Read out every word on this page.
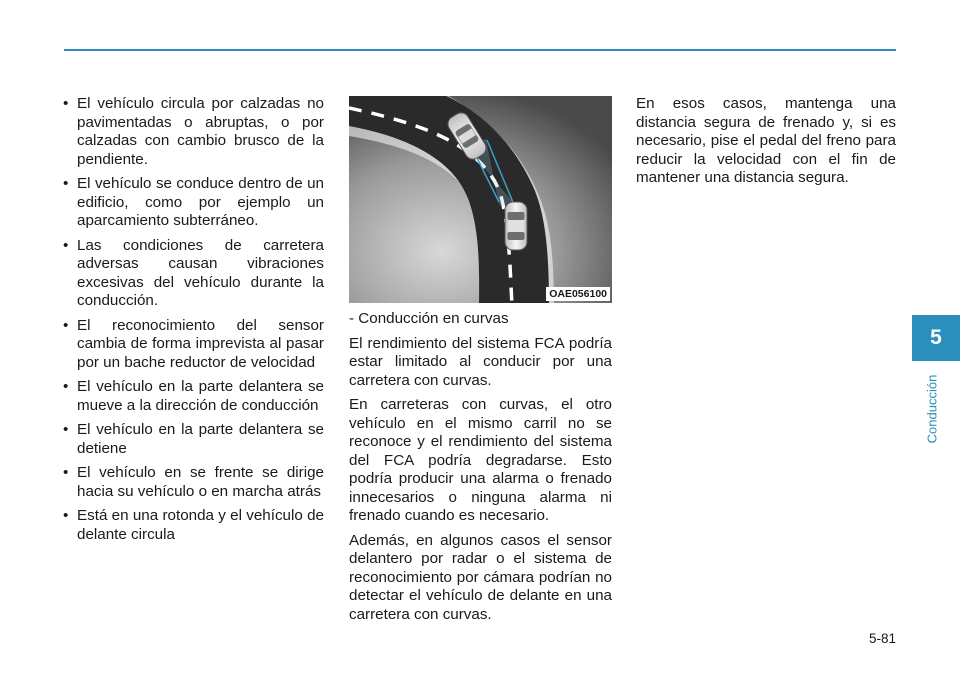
• El vehículo circula por calzadas no pavimentadas o abruptas, o por calzadas con cambio brusco de la pendiente.
• El vehículo se conduce dentro de un edificio, como por ejemplo un aparcamiento subterráneo.
• Las condiciones de carretera adversas causan vibraciones excesivas del vehículo durante la conducción.
• El reconocimiento del sensor cambia de forma imprevista al pasar por un bache reductor de velocidad
• El vehículo en la parte delantera se mueve a la dirección de conducción
• El vehículo en la parte delantera se detiene
• El vehículo en se frente se dirige hacia su vehículo o en marcha atrás
• Está en una rotonda y el vehículo de delante circula
OAE056100

- Conducción en curvas

El rendimiento del sistema FCA podría estar limitado al conducir por una carretera con curvas.

En carreteras con curvas, el otro vehículo en el mismo carril no se reconoce y el rendimiento del sistema del FCA podría degradarse. Esto podría producir una alarma o frenado innecesarios o ninguna alarma ni frenado cuando es necesario.

Además, en algunos casos el sensor delantero por radar o el sistema de reconocimiento por cámara podrían no detectar el vehículo de delante en una carretera con curvas.

En esos casos, mantenga una distancia segura de frenado y, si es necesario, pise el pedal del freno para reducir la velocidad con el fin de mantener una distancia segura.

5
Conducción
5-81
